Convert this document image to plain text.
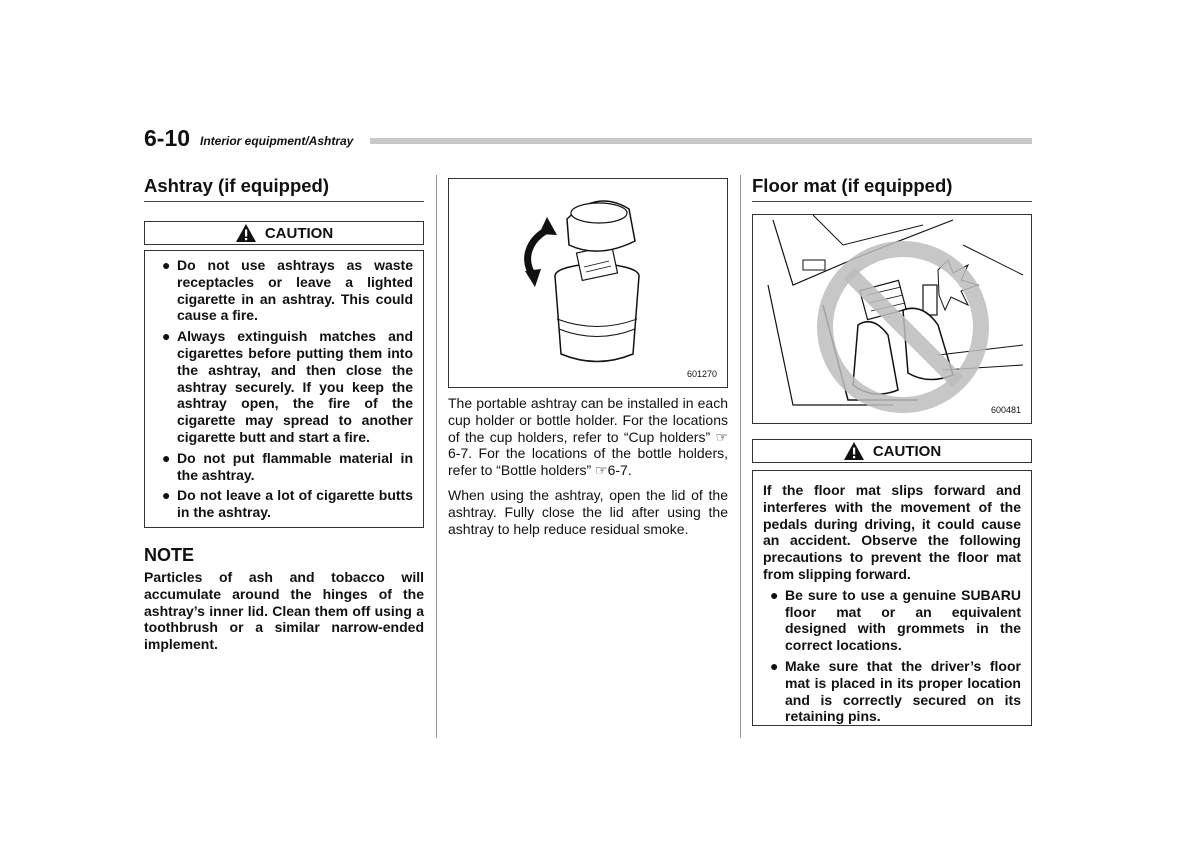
6-10 Interior equipment/Ashtray
Ashtray (if equipped)
CAUTION
● Do not use ashtrays as waste receptacles or leave a lighted cigarette in an ashtray. This could cause a fire.
● Always extinguish matches and cigarettes before putting them into the ashtray, and then close the ashtray securely. If you keep the ashtray open, the fire of the cigarette may spread to another cigarette butt and start a fire.
● Do not put flammable material in the ashtray.
● Do not leave a lot of cigarette butts in the ashtray.
NOTE
Particles of ash and tobacco will accumulate around the hinges of the ashtray’s inner lid. Clean them off using a toothbrush or a similar narrow-ended implement.
601270

The portable ashtray can be installed in each cup holder or bottle holder. For the locations of the cup holders, refer to “Cup holders” ☞6-7. For the locations of the bottle holders, refer to “Bottle holders” ☞6-7.

When using the ashtray, open the lid of the ashtray. Fully close the lid after using the ashtray to help reduce residual smoke.

Floor mat (if equipped)
600481
CAUTION
If the floor mat slips forward and interferes with the movement of the pedals during driving, it could cause an accident. Observe the following precautions to prevent the floor mat from slipping forward.
● Be sure to use a genuine SUBARU floor mat or an equivalent designed with grommets in the correct locations.
● Make sure that the driver’s floor mat is placed in its proper location and is correctly secured on its retaining pins.
